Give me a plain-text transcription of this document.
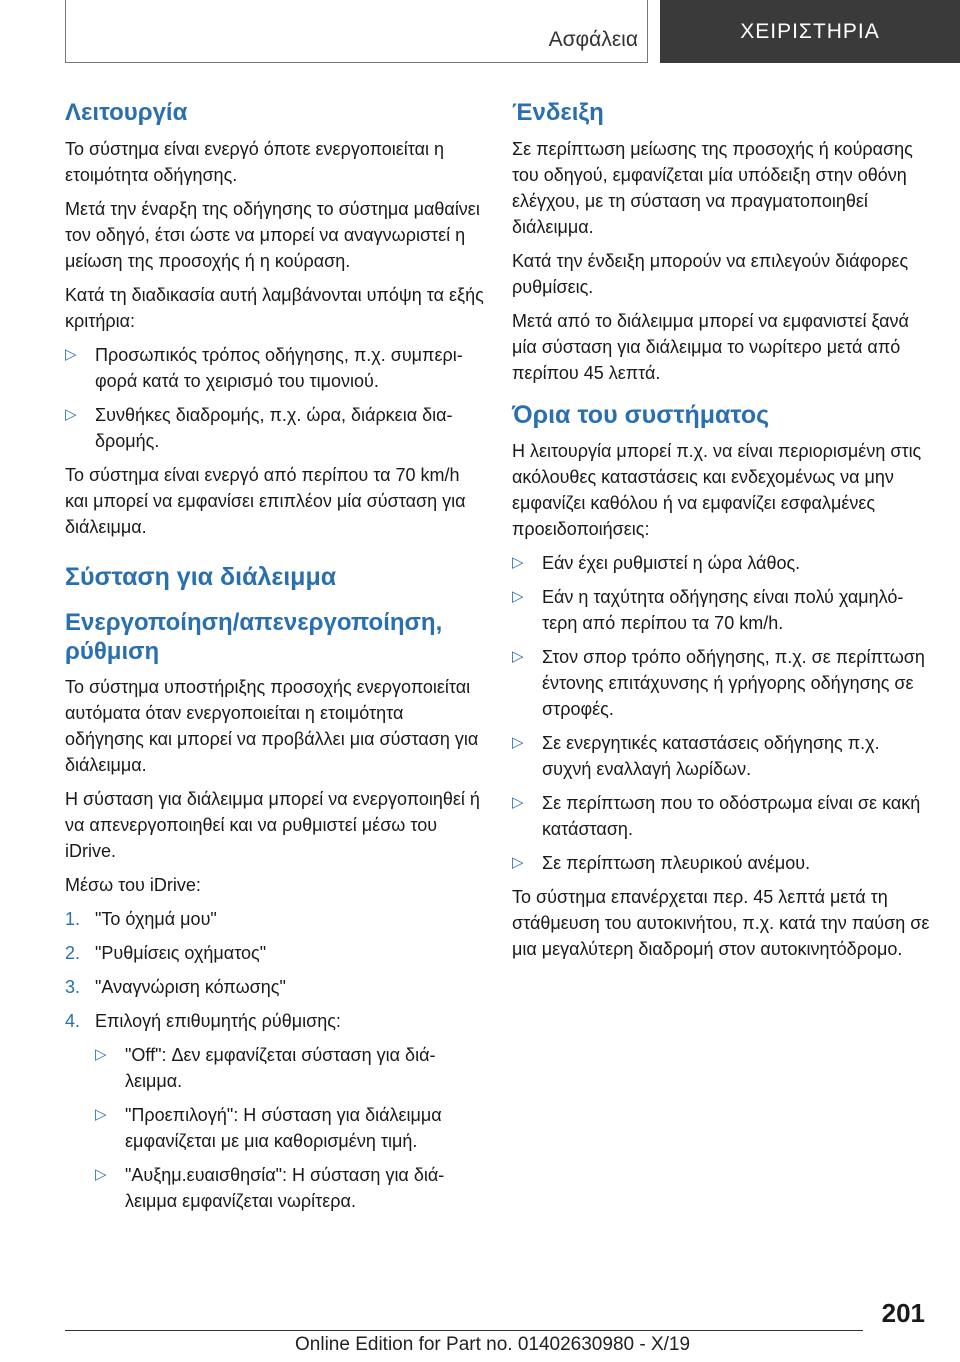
Ασφάλεια	ΧΕΙΡΙΣΤΗΡΙΑ
Λειτουργία

Το σύστημα είναι ενεργό όποτε ενεργοποιείται η ετοιμότητα οδήγησης.

Μετά την έναρξη της οδήγησης το σύστημα μαθαίνει τον οδηγό, έτσι ώστε να μπορεί να αναγνωριστεί η μείωση της προσοχής ή η κούραση.

Κατά τη διαδικασία αυτή λαμβάνονται υπόψη τα εξής κριτήρια:

▷ Προσωπικός τρόπος οδήγησης, π.χ. συμπεριφορά κατά το χειρισμό του τιμονιού.
▷ Συνθήκες διαδρομής, π.χ. ώρα, διάρκεια διαδρομής.

Το σύστημα είναι ενεργό από περίπου τα 70 km/h και μπορεί να εμφανίσει επιπλέον μία σύσταση για διάλειμμα.

Σύσταση για διάλειμμα
Ενεργοποίηση/απενεργοποίηση, ρύθμιση

Το σύστημα υποστήριξης προσοχής ενεργοποιείται αυτόματα όταν ενεργοποιείται η ετοιμότητα οδήγησης και μπορεί να προβάλλει μια σύσταση για διάλειμμα.

Η σύσταση για διάλειμμα μπορεί να ενεργοποιηθεί ή να απενεργοποιηθεί και να ρυθμιστεί μέσω του iDrive.

Μέσω του iDrive:

1. "Το όχημά μου"
2. "Ρυθμίσεις οχήματος"
3. "Αναγνώριση κόπωσης"
4. Επιλογή επιθυμητής ρύθμισης:
▷ "Off": Δεν εμφανίζεται σύσταση για διάλειμμα.
▷ "Προεπιλογή": Η σύσταση για διάλειμμα εμφανίζεται με μια καθορισμένη τιμή.
▷ "Αυξημ.ευαισθησία": Η σύσταση για διάλειμμα εμφανίζεται νωρίτερα.
Ένδειξη

Σε περίπτωση μείωσης της προσοχής ή κούρασης του οδηγού, εμφανίζεται μία υπόδειξη στην οθόνη ελέγχου, με τη σύσταση να πραγματοποιηθεί διάλειμμα.

Κατά την ένδειξη μπορούν να επιλεγούν διάφορες ρυθμίσεις.

Μετά από το διάλειμμα μπορεί να εμφανιστεί ξανά μία σύσταση για διάλειμμα το νωρίτερο μετά από περίπου 45 λεπτά.

Όρια του συστήματος

Η λειτουργία μπορεί π.χ. να είναι περιορισμένη στις ακόλουθες καταστάσεις και ενδεχομένως να μην εμφανίζει καθόλου ή να εμφανίζει εσφαλμένες προειδοποιήσεις:

▷ Εάν έχει ρυθμιστεί η ώρα λάθος.
▷ Εάν η ταχύτητα οδήγησης είναι πολύ χαμηλότερη από περίπου τα 70 km/h.
▷ Στον σπορ τρόπο οδήγησης, π.χ. σε περίπτωση έντονης επιτάχυνσης ή γρήγορης οδήγησης σε στροφές.
▷ Σε ενεργητικές καταστάσεις οδήγησης π.χ. συχνή εναλλαγή λωρίδων.
▷ Σε περίπτωση που το οδόστρωμα είναι σε κακή κατάσταση.
▷ Σε περίπτωση πλευρικού ανέμου.

Το σύστημα επανέρχεται περ. 45 λεπτά μετά τη στάθμευση του αυτοκινήτου, π.χ. κατά την παύση σε μια μεγαλύτερη διαδρομή στον αυτοκινητόδρομο.

201
Online Edition for Part no. 01402630980 - X/19
